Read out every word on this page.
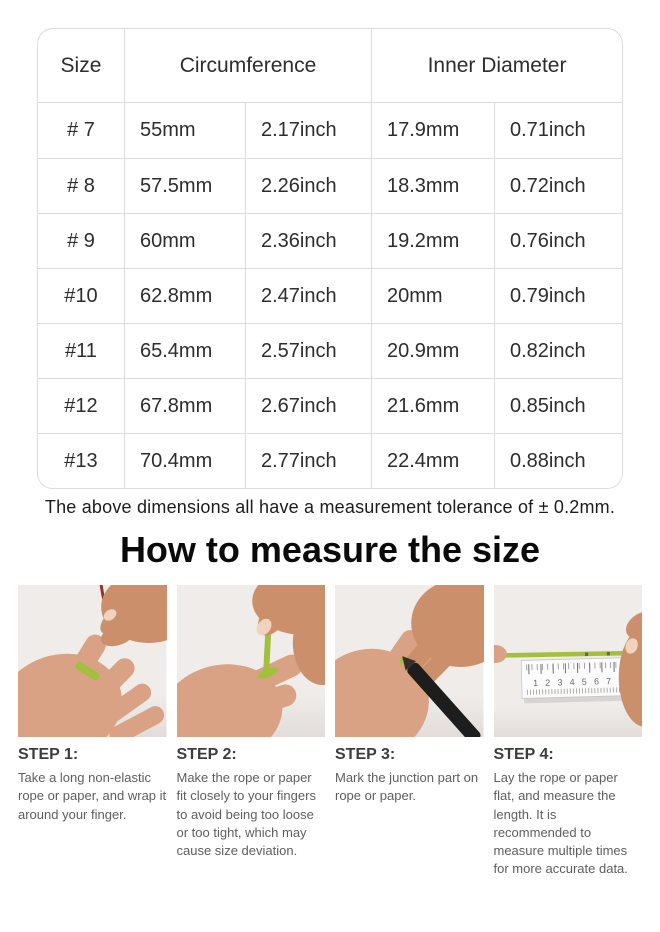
Size	Circumference		Inner Diameter	
# 7	55mm	2.17inch	17.9mm	0.71inch
# 8	57.5mm	2.26inch	18.3mm	0.72inch
# 9	60mm	2.36inch	19.2mm	0.76inch
#10	62.8mm	2.47inch	20mm	0.79inch
#11	65.4mm	2.57inch	20.9mm	0.82inch
#12	67.8mm	2.67inch	21.6mm	0.85inch
#13	70.4mm	2.77inch	22.4mm	0.88inch

The above dimensions all have a measurement tolerance of ± 0.2mm.

How to measure the size
STEP 1:

Take a long non-elastic rope or paper, and wrap it around your finger.

STEP 2:

Make the rope or paper fit closely to your fingers to avoid being too loose or too tight, which may cause size deviation.

STEP 3:

Mark the junction part on rope or paper.

1 2 3 4 5 6 7
STEP 4:

Lay the rope or paper flat, and measure the length. It is recommended to measure multiple times for more accurate data.
